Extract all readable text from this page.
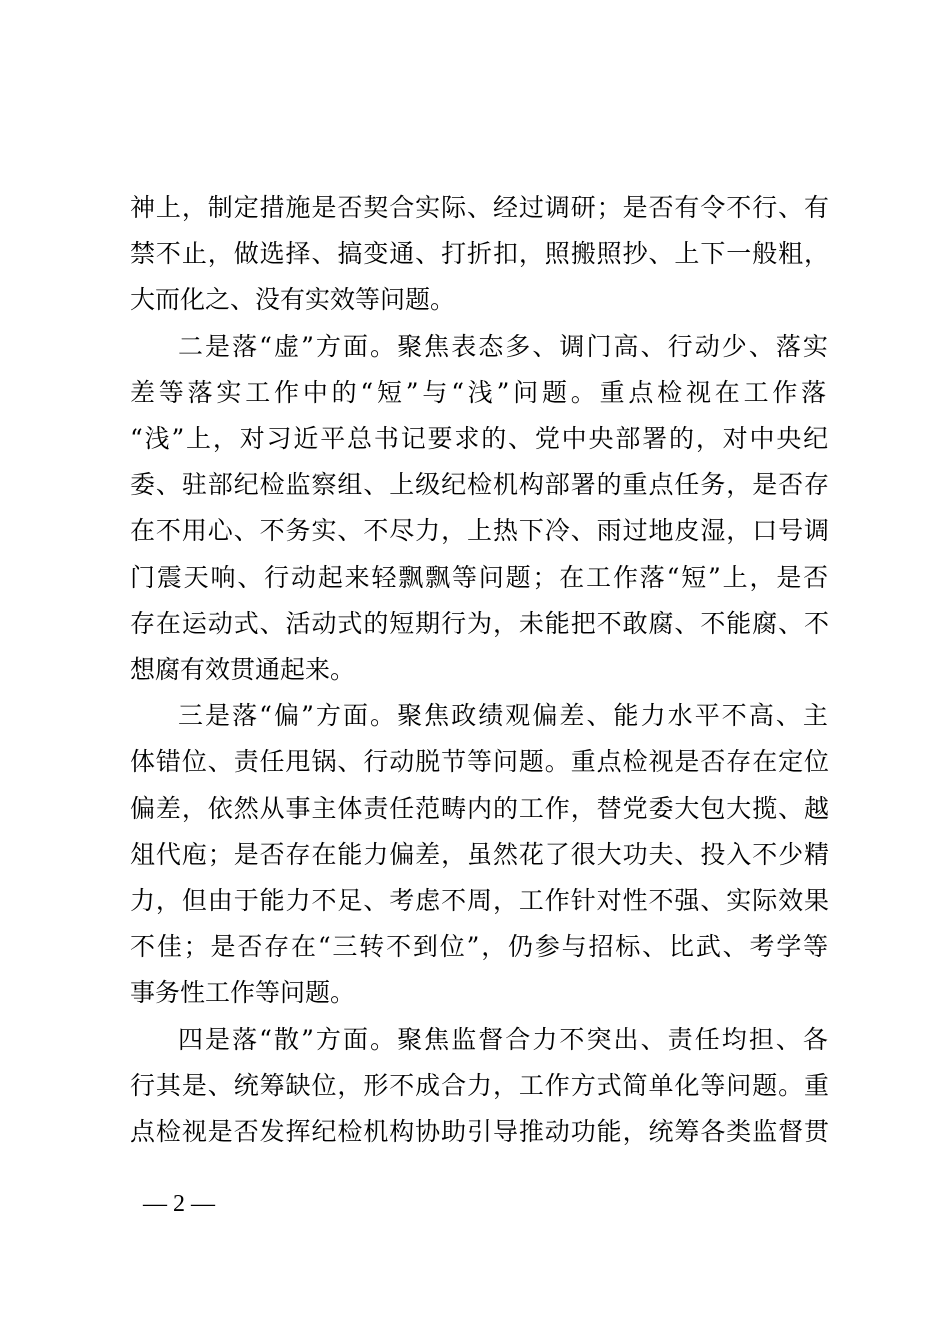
神上，制定措施是否契合实际、经过调研；是否有令不行、有
禁不止，做选择、搞变通、打折扣，照搬照抄、上下一般粗，
大而化之、没有实效等问题。
二是落“虚”方面。聚焦表态多、调门高、行动少、落实
差等落实工作中的“短”与“浅”问题。重点检视在工作落
“浅”上，对习近平总书记要求的、党中央部署的，对中央纪
委、驻部纪检监察组、上级纪检机构部署的重点任务，是否存
在不用心、不务实、不尽力，上热下冷、雨过地皮湿，口号调
门震天响、行动起来轻飘飘等问题；在工作落“短”上，是否
存在运动式、活动式的短期行为，未能把不敢腐、不能腐、不
想腐有效贯通起来。
三是落“偏”方面。聚焦政绩观偏差、能力水平不高、主
体错位、责任甩锅、行动脱节等问题。重点检视是否存在定位
偏差，依然从事主体责任范畴内的工作，替党委大包大揽、越
俎代庖；是否存在能力偏差，虽然花了很大功夫、投入不少精
力，但由于能力不足、考虑不周，工作针对性不强、实际效果
不佳；是否存在“三转不到位”，仍参与招标、比武、考学等
事务性工作等问题。
四是落“散”方面。聚焦监督合力不突出、责任均担、各
行其是、统筹缺位，形不成合力，工作方式简单化等问题。重
点检视是否发挥纪检机构协助引导推动功能，统筹各类监督贯
— 2 —
